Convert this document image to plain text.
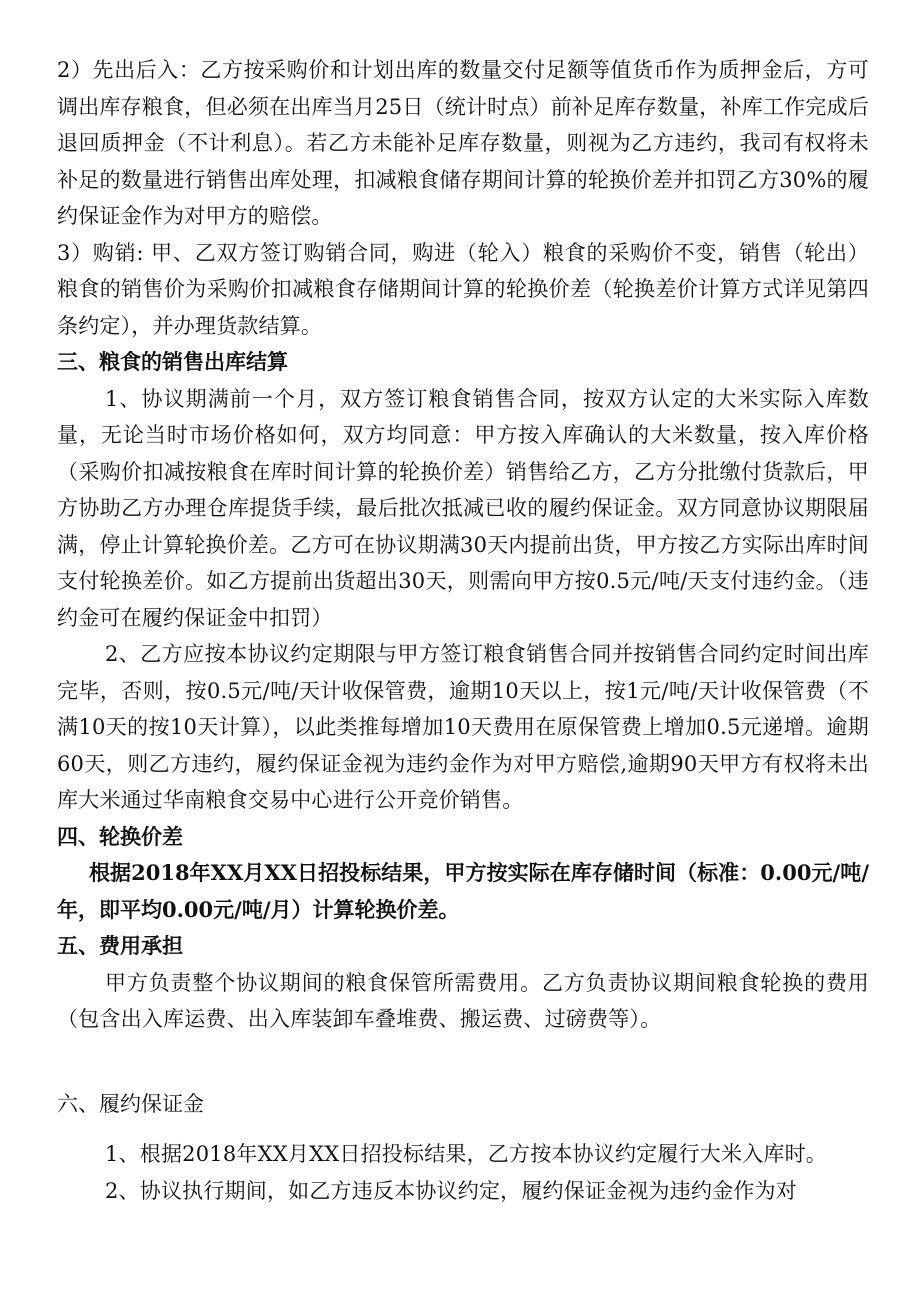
2）先出后入：乙方按采购价和计划出库的数量交付足额等值货币作为质押金后，方可调出库存粮食，但必须在出库当月25日（统计时点）前补足库存数量，补库工作完成后退回质押金（不计利息）。若乙方未能补足库存数量，则视为乙方违约，我司有权将未补足的数量进行销售出库处理，扣减粮食储存期间计算的轮换价差并扣罚乙方30%的履约保证金作为对甲方的赔偿。

3）购销: 甲、乙双方签订购销合同，购进（轮入）粮食的采购价不变，销售（轮出）粮食的销售价为采购价扣减粮食存储期间计算的轮换价差（轮换差价计算方式详见第四条约定），并办理货款结算。

三、粮食的销售出库结算

1、协议期满前一个月，双方签订粮食销售合同，按双方认定的大米实际入库数量，无论当时市场价格如何，双方均同意：甲方按入库确认的大米数量，按入库价格（采购价扣减按粮食在库时间计算的轮换价差）销售给乙方，乙方分批缴付货款后，甲方协助乙方办理仓库提货手续，最后批次抵减已收的履约保证金。双方同意协议期限届满，停止计算轮换价差。乙方可在协议期满30天内提前出货，甲方按乙方实际出库时间支付轮换差价。如乙方提前出货超出30天，则需向甲方按0.5元/吨/天支付违约金。（违约金可在履约保证金中扣罚）

2、乙方应按本协议约定期限与甲方签订粮食销售合同并按销售合同约定时间出库完毕，否则，按0.5元/吨/天计收保管费，逾期10天以上，按1元/吨/天计收保管费（不满10天的按10天计算），以此类推每增加10天费用在原保管费上增加0.5元递增。逾期60天，则乙方违约，履约保证金视为违约金作为对甲方赔偿,逾期90天甲方有权将未出库大米通过华南粮食交易中心进行公开竞价销售。

四、轮换价差

根据2018年XX月XX日招投标结果，甲方按实际在库存储时间（标准：0.00元/吨/年，即平均0.00元/吨/月）计算轮换价差。

五、费用承担

甲方负责整个协议期间的粮食保管所需费用。乙方负责协议期间粮食轮换的费用（包含出入库运费、出入库装卸车叠堆费、搬运费、过磅费等）。

六、履约保证金

1、根据2018年XX月XX日招投标结果，乙方按本协议约定履行大米入库时。

2、协议执行期间，如乙方违反本协议约定，履约保证金视为违约金作为对
